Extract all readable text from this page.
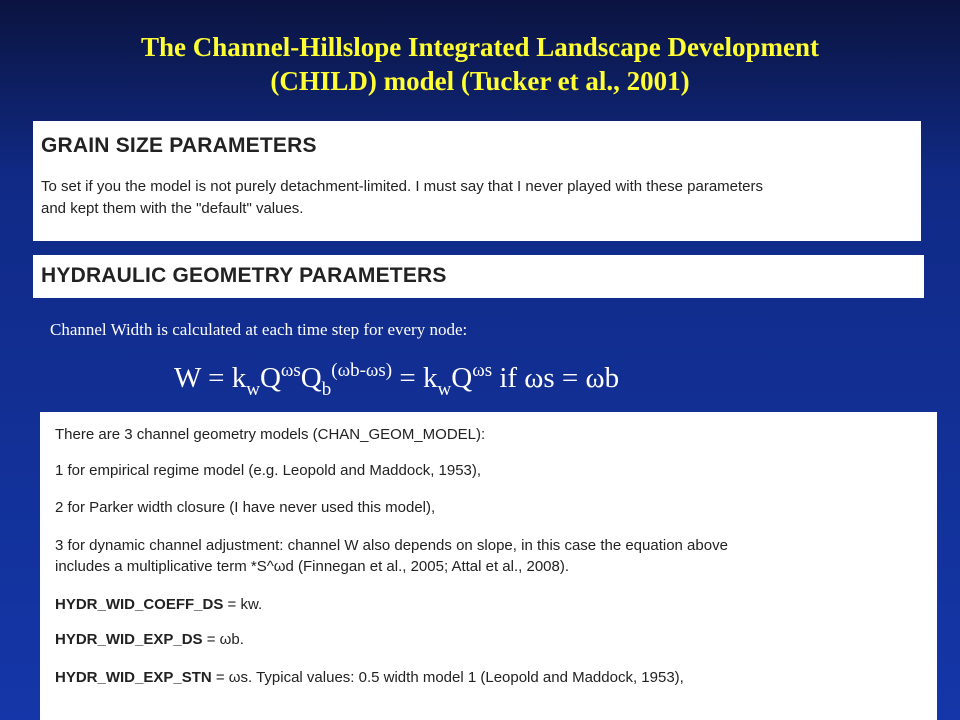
The Channel-Hillslope Integrated Landscape Development
(CHILD) model (Tucker et al., 2001)
GRAIN SIZE PARAMETERS
To set if you the model is not purely detachment-limited. I must say that I never played with these parameters
and kept them with the "default" values.
HYDRAULIC GEOMETRY PARAMETERS
Channel Width is calculated at each time step for every node:
$W = k_wQ^{\omega s}Q_b^{(\omega b-\omega s)} = k_wQ^{\omega s}$ if ωs = ωb
There are 3 channel geometry models (CHAN_GEOM_MODEL):
1 for empirical regime model (e.g. Leopold and Maddock, 1953),
2 for Parker width closure (I have never used this model),
3 for dynamic channel adjustment: channel W also depends on slope, in this case the equation above
includes a multiplicative term *S^ωd (Finnegan et al., 2005; Attal et al., 2008).
HYDR_WID_COEFF_DS = kw.
HYDR_WID_EXP_DS = ωb.
HYDR_WID_EXP_STN = ωs. Typical values: 0.5 width model 1 (Leopold and Maddock, 1953),
